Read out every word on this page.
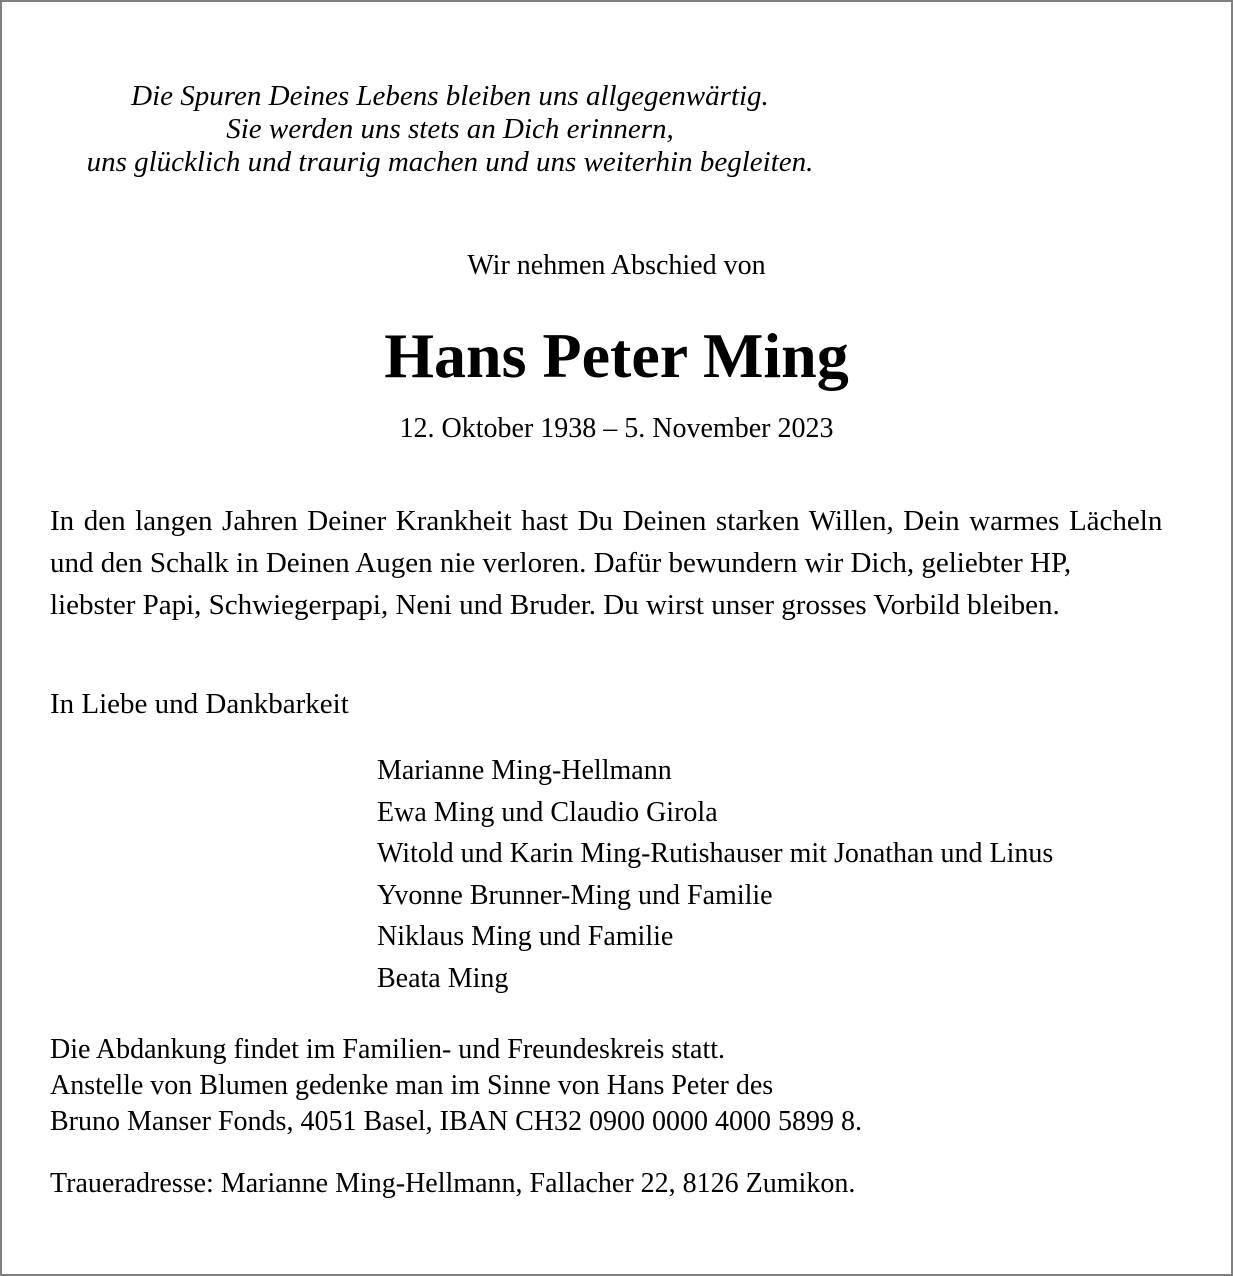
Die Spuren Deines Lebens bleiben uns allgegenwärtig.
Sie werden uns stets an Dich erinnern,
uns glücklich und traurig machen und uns weiterhin begleiten.
Wir nehmen Abschied von
Hans Peter Ming
12. Oktober 1938 – 5. November 2023
In den langen Jahren Deiner Krankheit hast Du Deinen starken Willen, Dein warmes Lächeln
und den Schalk in Deinen Augen nie verloren. Dafür bewundern wir Dich, geliebter HP,
liebster Papi, Schwiegerpapi, Neni und Bruder. Du wirst unser grosses Vorbild bleiben.
In Liebe und Dankbarkeit
Marianne Ming-Hellmann
Ewa Ming und Claudio Girola
Witold und Karin Ming-Rutishauser mit Jonathan und Linus
Yvonne Brunner-Ming und Familie
Niklaus Ming und Familie
Beata Ming
Die Abdankung findet im Familien- und Freundeskreis statt.
Anstelle von Blumen gedenke man im Sinne von Hans Peter des
Bruno Manser Fonds, 4051 Basel, IBAN CH32 0900 0000 4000 5899 8.
Traueradresse: Marianne Ming-Hellmann, Fallacher 22, 8126 Zumikon.
